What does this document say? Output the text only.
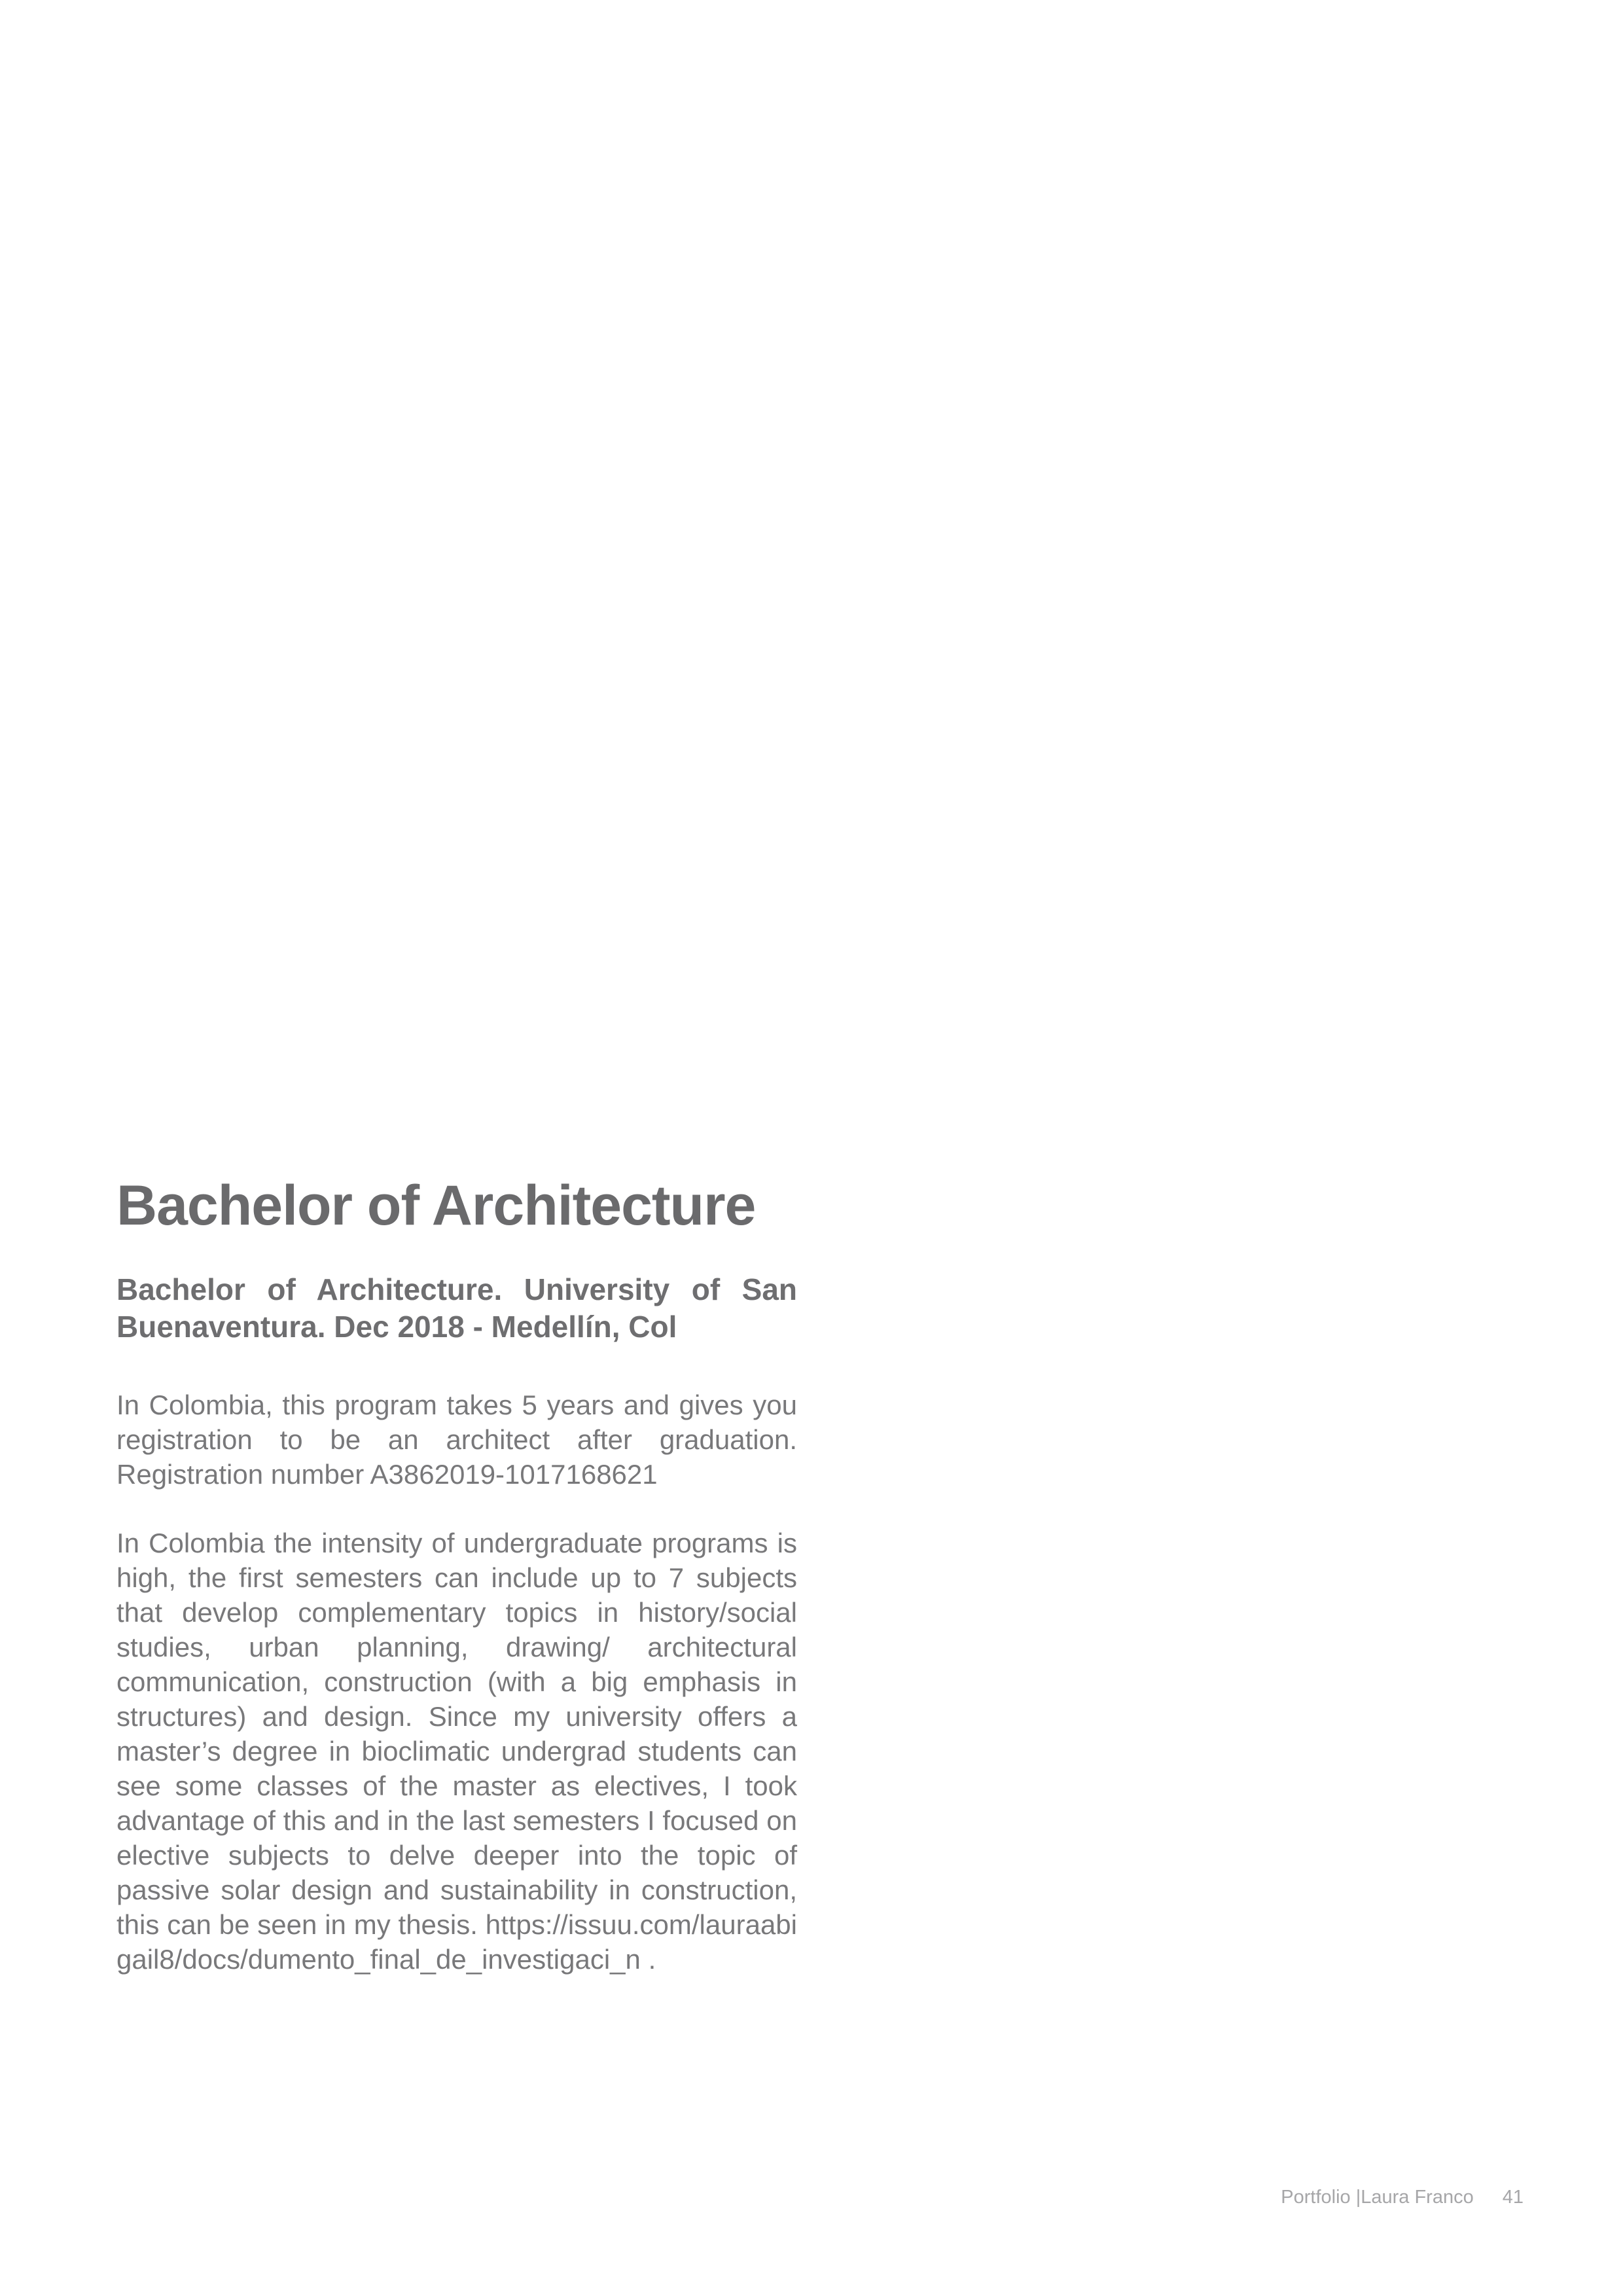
Bachelor of Architecture

Bachelor of Architecture. University of San Buenaventura. Dec 2018 - Medellín, Col

In Colombia, this program takes 5 years and gives you registration to be an architect after graduation. Registration number A3862019-1017168621

In Colombia the intensity of undergraduate programs is high, the first semesters can include up to 7 subjects that develop complementary topics in history/social studies, urban planning, drawing/ architectural communication, construction (with a big emphasis in structures) and design. Since my university offers a master’s degree in bioclimatic undergrad students can see some classes of the master as electives, I took advantage of this and in the last semesters I focused on elective subjects to delve deeper into the topic of passive solar design and sustainability in construction, this can be seen in my thesis. https://issuu.com/lauraabigail8/docs/dumento_final_de_investigaci_n .

Portfolio |Laura Franco 41
